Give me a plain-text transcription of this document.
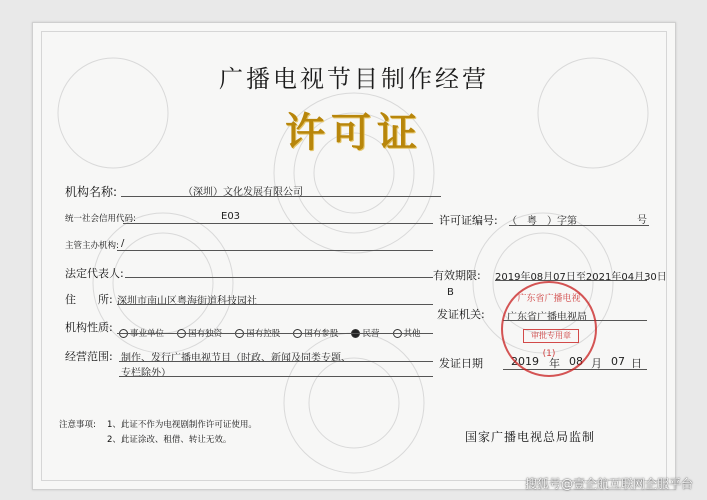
广播电视节目制作经营
许可证
机构名称:	（深圳）文化发展有限公司
统一社会信用代码:	E03	许可证编号: （　粤　）字第	号
主管主办机构: /
法定代表人:	有效期限: 2019年08月07日至2021年04月30日
住　　所: 深圳市南山区粤海街道科技园社
B
发证机关: 广东省广播电视局
机构性质:	事业单位	国有独资	国有控股	国有参股	民营	其他
经营范围: 制作、发行广播电视节目（时政、新闻及同类专题、
专栏除外）
发证日期	2019 年 08 月 07 日
注意事项: 1、此证不作为电视剧制作许可证使用。
2、此证涂改、租借、转让无效。	国家广播电视总局监制
广东省广播电视
审批专用章
(1)
搜狐号@壹企航互联网企服平台
